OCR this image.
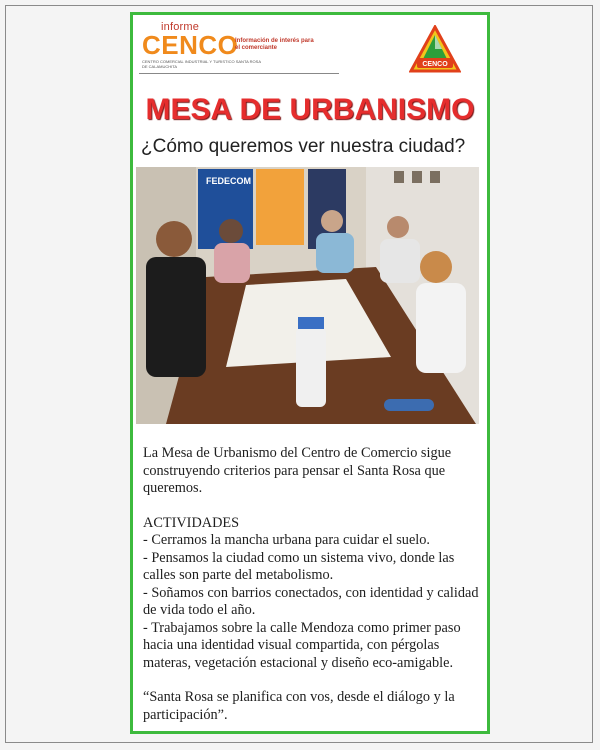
informe
CENCO
CENTRO COMERCIAL INDUSTRIAL Y TURISTICO SANTA ROSA DE CALAMUCHITA
Información de interés para el comerciante
CENCO
MESA DE URBANISMO
¿Cómo queremos ver nuestra ciudad?
FEDECOM

La Mesa de Urbanismo del Centro de Comercio sigue construyendo criterios para pensar el Santa Rosa que queremos.

ACTIVIDADES

- Cerramos la mancha urbana para cuidar el suelo.

- Pensamos la ciudad como un sistema vivo, donde las calles son parte del metabolismo.

- Soñamos con barrios conectados, con identidad y calidad de vida todo el año.

- Trabajamos sobre la calle Mendoza como primer paso hacia una identidad visual compartida, con pérgolas materas, vegetación estacional y diseño eco-amigable.

“Santa Rosa se planifica con vos, desde el diálogo y la participación”.
